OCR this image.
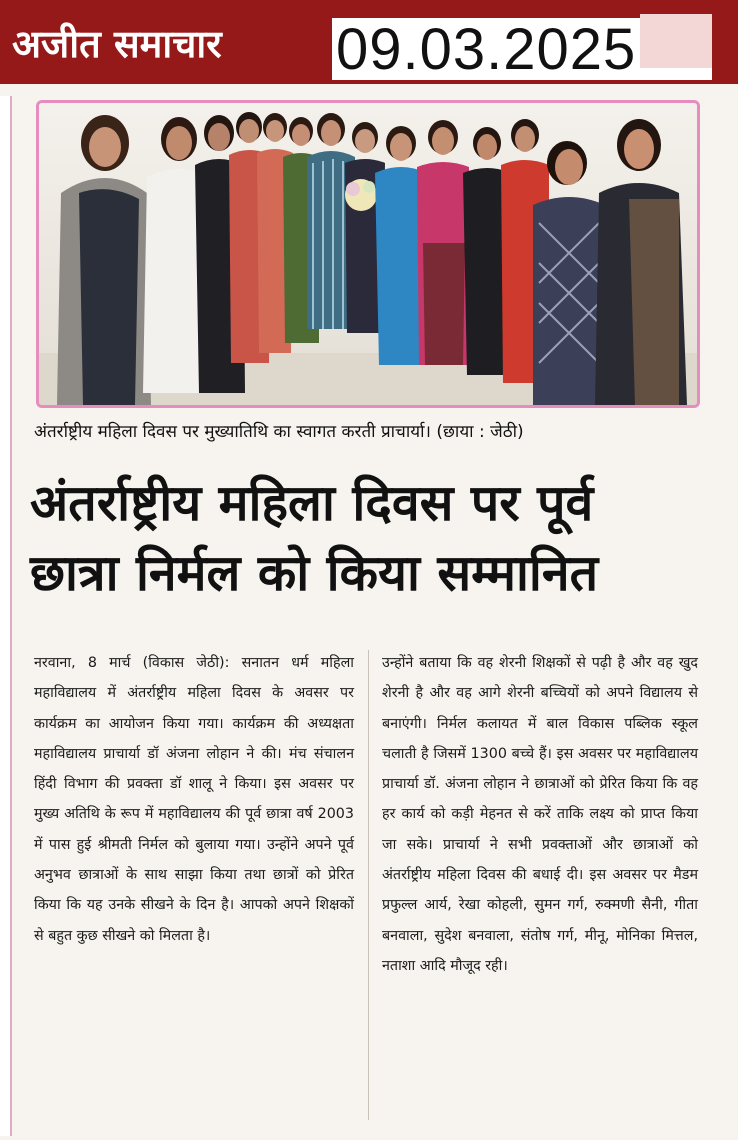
अजीत समाचार 09.03.2025
अंतर्राष्ट्रीय महिला दिवस पर मुख्यातिथि का स्वागत करती प्राचार्या। (छाया : जेठी)
अंतर्राष्ट्रीय महिला दिवस पर पूर्व
छात्रा निर्मल को किया सम्मानित

नरवाना, 8 मार्च (विकास जेठी): सनातन धर्म महिला महाविद्यालय में अंतर्राष्ट्रीय महिला दिवस के अवसर पर कार्यक्रम का आयोजन किया गया। कार्यक्रम की अध्यक्षता महाविद्यालय प्राचार्या डॉ अंजना लोहान ने की। मंच संचालन हिंदी विभाग की प्रवक्ता डॉ शालू ने किया। इस अवसर पर मुख्य अतिथि के रूप में महाविद्यालय की पूर्व छात्रा वर्ष 2003 में पास हुई श्रीमती निर्मल को बुलाया गया। उन्होंने अपने पूर्व अनुभव छात्राओं के साथ साझा किया तथा छात्रों को प्रेरित किया कि यह उनके सीखने के दिन है। आपको अपने शिक्षकों से बहुत कुछ सीखने को मिलता है।

उन्होंने बताया कि वह शेरनी शिक्षकों से पढ़ी है और वह खुद शेरनी है और वह आगे शेरनी बच्चियों को अपने विद्यालय से बनाएंगी। निर्मल कलायत में बाल विकास पब्लिक स्कूल चलाती है जिसमें 1300 बच्चे हैं। इस अवसर पर महाविद्यालय प्राचार्या डॉ. अंजना लोहान ने छात्राओं को प्रेरित किया कि वह हर कार्य को कड़ी मेहनत से करें ताकि लक्ष्य को प्राप्त किया जा सके। प्राचार्या ने सभी प्रवक्ताओं और छात्राओं को अंतर्राष्ट्रीय महिला दिवस की बधाई दी। इस अवसर पर मैडम प्रफुल्ल आर्य, रेखा कोहली, सुमन गर्ग, रुक्मणी सैनी, गीता बनवाला, सुदेश बनवाला, संतोष गर्ग, मीनू, मोनिका मित्तल, नताशा आदि मौजूद रही।
